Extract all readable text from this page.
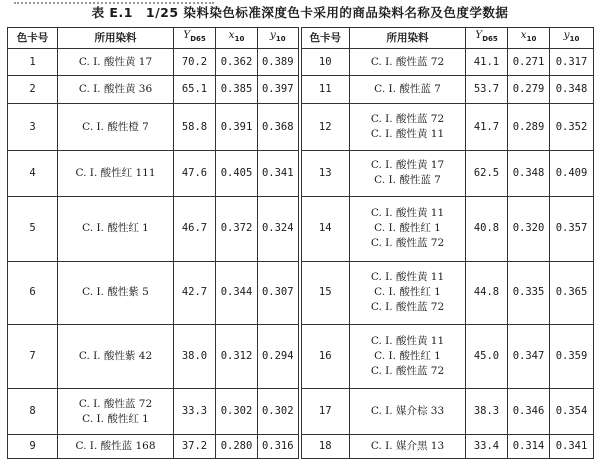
表 E.1　1/25 染料染色标准深度色卡采用的商品染料名称及色度学数据
色卡号	所用染料	$Y_{D65}$	$x_{10}$	$y_{10}$	色卡号	所用染料	$Y_{D65}$	$x_{10}$	$y_{10}$
1	C. I. 酸性黄 17	70.2	0.362	0.389	10	C. I. 酸性蓝 72	41.1	0.271	0.317
2	C. I. 酸性黄 36	65.1	0.385	0.397	11	C. I. 酸性蓝 7	53.7	0.279	0.348
3	C. I. 酸性橙 7	58.8	0.391	0.368	12	C. I. 酸性蓝 72
C. I. 酸性黄 11	41.7	0.289	0.352
4	C. I. 酸性红 111	47.6	0.405	0.341	13	C. I. 酸性黄 17
C. I. 酸性蓝 7	62.5	0.348	0.409
5	C. I. 酸性红 1	46.7	0.372	0.324	14	C. I. 酸性黄 11
C. I. 酸性红 1
C. I. 酸性蓝 72	40.8	0.320	0.357
6	C. I. 酸性紫 5	42.7	0.344	0.307	15	C. I. 酸性黄 11
C. I. 酸性红 1
C. I. 酸性蓝 72	44.8	0.335	0.365
7	C. I. 酸性紫 42	38.0	0.312	0.294	16	C. I. 酸性黄 11
C. I. 酸性红 1
C. I. 酸性蓝 72	45.0	0.347	0.359
8	C. I. 酸性蓝 72
C. I. 酸性红 1	33.3	0.302	0.302	17	C. I. 媒介棕 33	38.3	0.346	0.354
9	C. I. 酸性蓝 168	37.2	0.280	0.316	18	C. I. 媒介黑 13	33.4	0.314	0.341
